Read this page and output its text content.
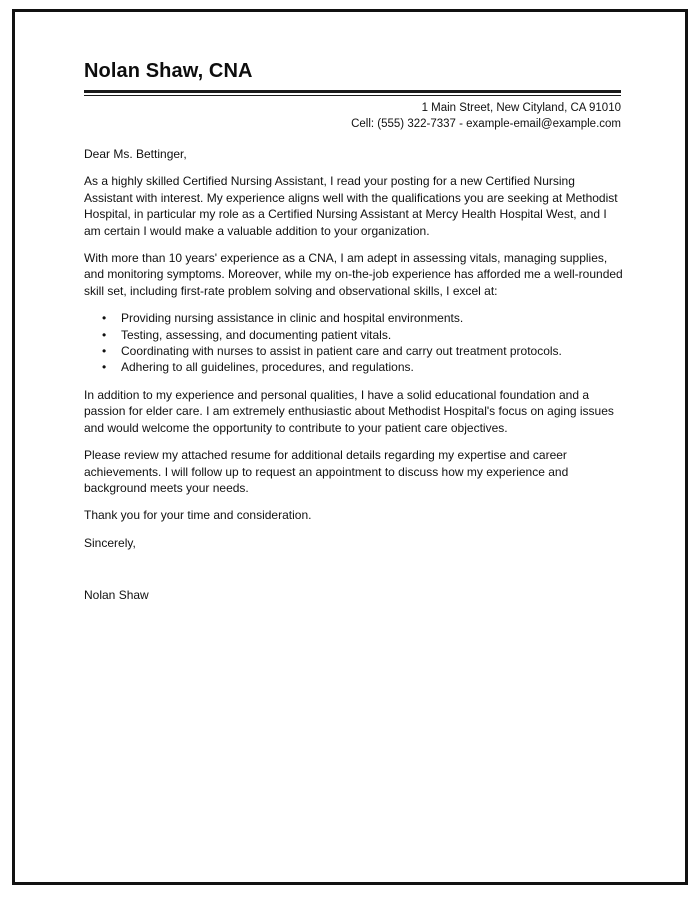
Nolan Shaw, CNA
1 Main Street, New Cityland, CA 91010
Cell: (555) 322-7337 - example-email@example.com

Dear Ms. Bettinger,

As a highly skilled Certified Nursing Assistant, I read your posting for a new Certified Nursing Assistant with interest. My experience aligns well with the qualifications you are seeking at Methodist Hospital, in particular my role as a Certified Nursing Assistant at Mercy Health Hospital West, and I am certain I would make a valuable addition to your organization.

With more than 10 years' experience as a CNA, I am adept in assessing vitals, managing supplies, and monitoring symptoms. Moreover, while my on-the-job experience has afforded me a well-rounded skill set, including first-rate problem solving and observational skills, I excel at:

• Providing nursing assistance in clinic and hospital environments.
• Testing, assessing, and documenting patient vitals.
• Coordinating with nurses to assist in patient care and carry out treatment protocols.
• Adhering to all guidelines, procedures, and regulations.

In addition to my experience and personal qualities, I have a solid educational foundation and a passion for elder care. I am extremely enthusiastic about Methodist Hospital's focus on aging issues and would welcome the opportunity to contribute to your patient care objectives.

Please review my attached resume for additional details regarding my expertise and career achievements. I will follow up to request an appointment to discuss how my experience and background meets your needs.

Thank you for your time and consideration.

Sincerely,

Nolan Shaw
